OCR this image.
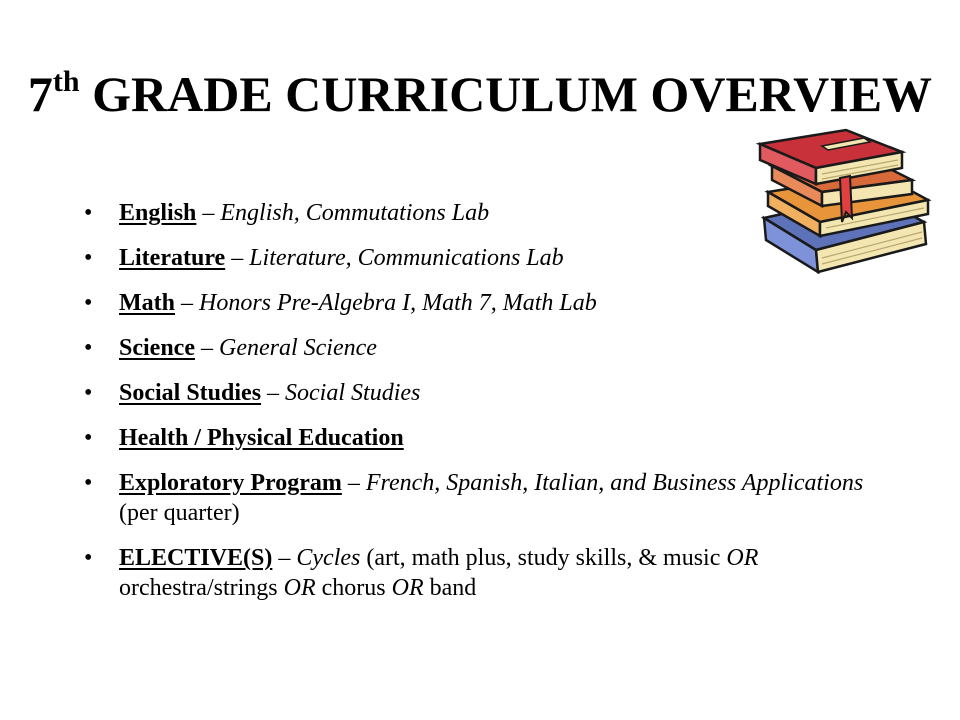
7th GRADE CURRICULUM OVERVIEW
• English – English, Commutations Lab
• Literature – Literature, Communications Lab
• Math – Honors Pre-Algebra I, Math 7, Math Lab
• Science – General Science
• Social Studies – Social Studies
• Health / Physical Education
• Exploratory Program – French, Spanish, Italian, and Business Applications (per quarter)
• ELECTIVE(S) – Cycles (art, math plus, study skills, & music OR orchestra/strings OR chorus OR band
